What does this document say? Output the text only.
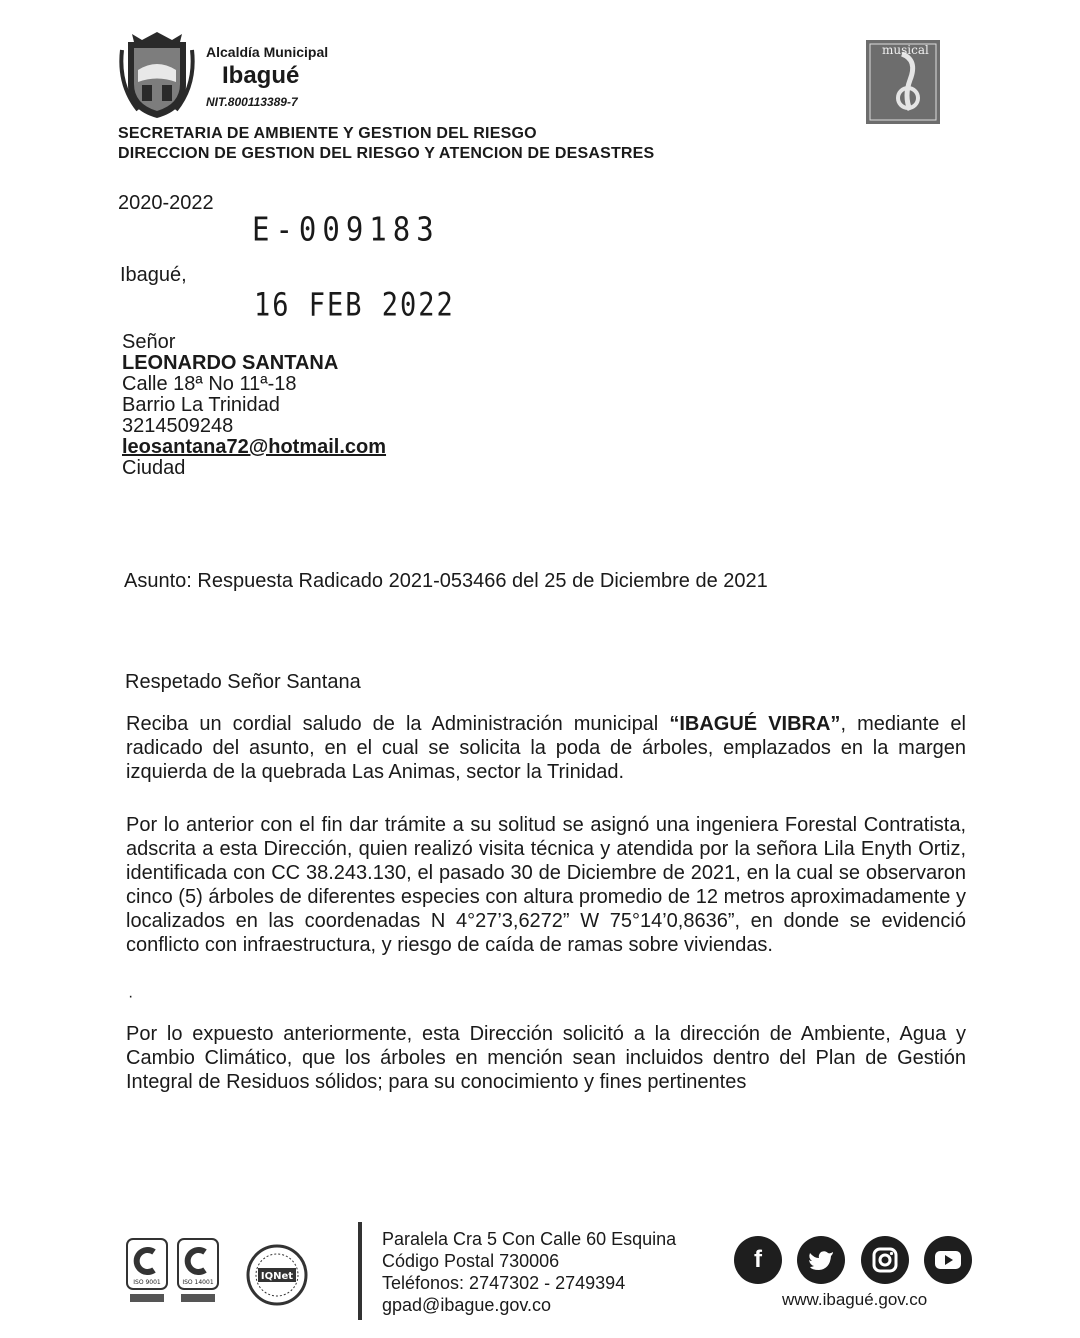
Alcaldía Municipal
Ibagué
NIT.800113389-7
musical
SECRETARIA DE AMBIENTE Y GESTION DEL RIESGO
DIRECCION DE GESTION DEL RIESGO Y ATENCION DE DESASTRES
2020-2022
E-009183
Ibagué,
16 FEB 2022
Señor
LEONARDO SANTANA
Calle 18ª No 11ª-18
Barrio La Trinidad
3214509248
leosantana72@hotmail.com
Ciudad
Asunto: Respuesta Radicado 2021-053466 del 25 de Diciembre de 2021
Respetado Señor Santana
Reciba un cordial saludo de la Administración municipal “IBAGUÉ VIBRA”, mediante el radicado del asunto, en el cual se solicita la poda de árboles, emplazados en la margen izquierda de la quebrada Las Animas, sector la Trinidad.
Por lo anterior con el fin dar trámite a su solitud se asignó una ingeniera Forestal Contratista, adscrita a esta Dirección, quien realizó visita técnica y atendida por la señora Lila Enyth Ortiz, identificada con CC 38.243.130, el pasado 30 de Diciembre de 2021, en la cual se observaron cinco (5) árboles de diferentes especies con altura promedio de 12 metros aproximadamente y localizados en las coordenadas N 4°27’3,6272” W 75°14’0,8636”, en donde se evidenció conflicto con infraestructura, y riesgo de caída de ramas sobre viviendas.
·
Por lo expuesto anteriormente, esta Dirección solicitó a la dirección de Ambiente, Agua y Cambio Climático, que los árboles en mención sean incluidos dentro del Plan de Gestión Integral de Residuos sólidos; para su conocimiento y fines pertinentes
ISO 9001	ISO 14001
IQNet
Paralela Cra 5 Con Calle 60 Esquina
Código Postal 730006
Teléfonos: 2747302 - 2749394
gpad@ibague.gov.co
f
www.ibagué.gov.co
